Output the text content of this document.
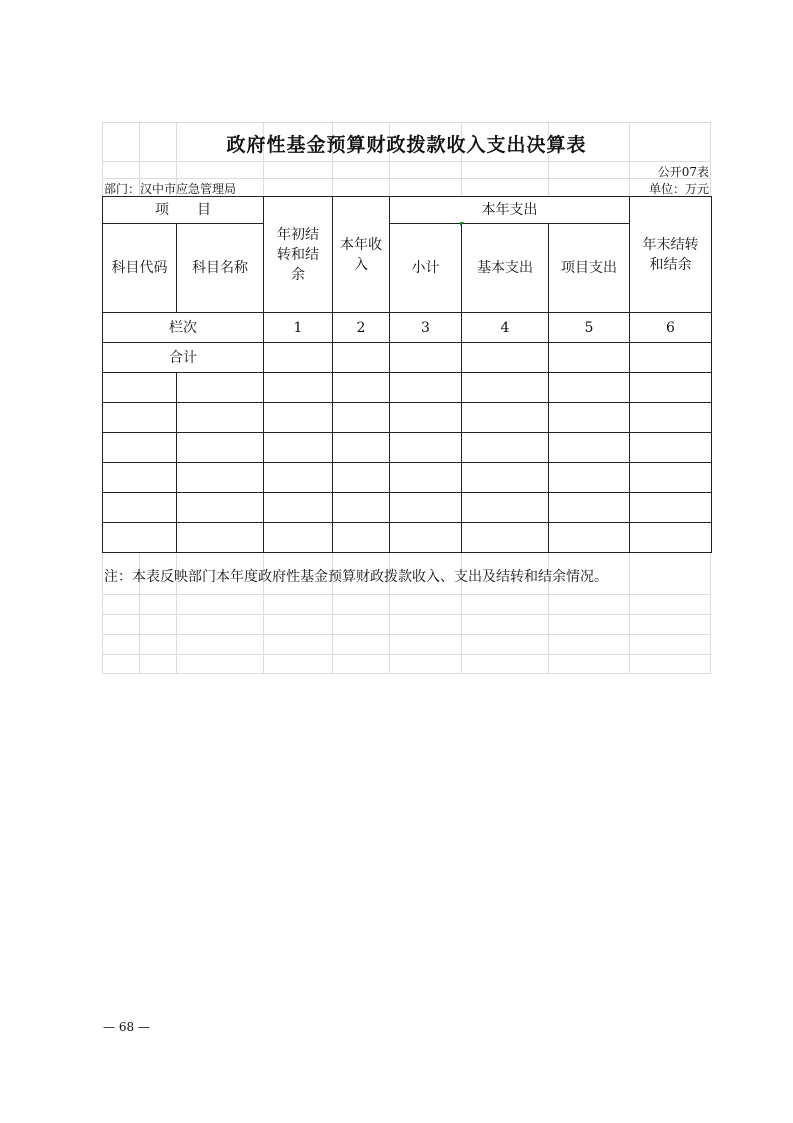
政府性基金预算财政拨款收入支出决算表
公开07表
部门：汉中市应急管理局	单位：万元
项　　目		年初结转和结余	本年收入	本年支出			年末结转和结余
科目代码	科目名称			小计	基本支出	项目支出	

栏次		1	2	3	4	5	6
合计							

注：本表反映部门本年度政府性基金预算财政拨款收入、支出及结转和结余情况。
— 68 —
